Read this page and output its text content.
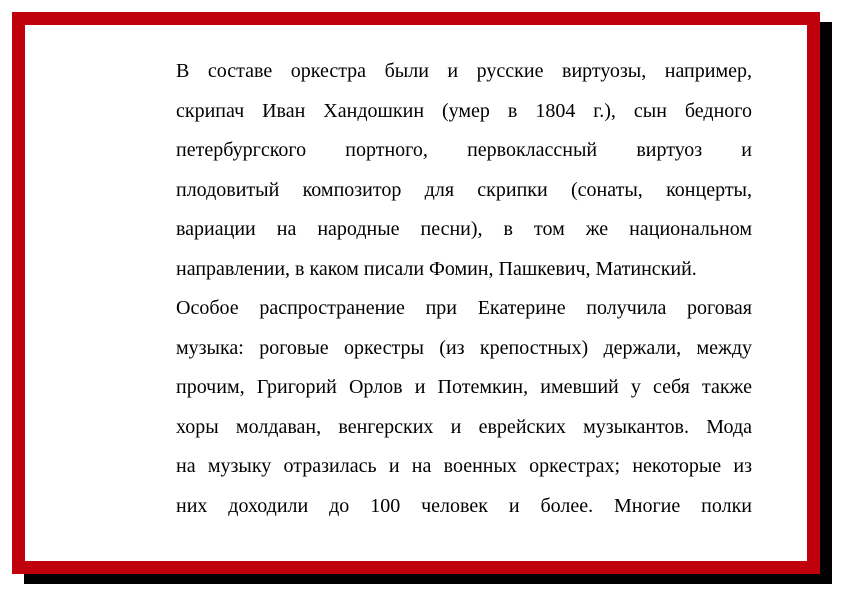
В составе оркестра были и русские виртуозы, например,
скрипач Иван Хандошкин (умер в 1804 г.), сын бедного
петербургского портного, первоклассный виртуоз и
плодовитый композитор для скрипки (сонаты, концерты,
вариации на народные песни), в том же национальном
направлении, в каком писали Фомин, Пашкевич, Матинский.
Особое распространение при Екатерине получила роговая
музыка: роговые оркестры (из крепостных) держали, между
прочим, Григорий Орлов и Потемкин, имевший у себя также
хоры молдаван, венгерских и еврейских музыкантов. Мода
на музыку отразилась и на военных оркестрах; некоторые из
них доходили до 100 человек и более. Многие полки
